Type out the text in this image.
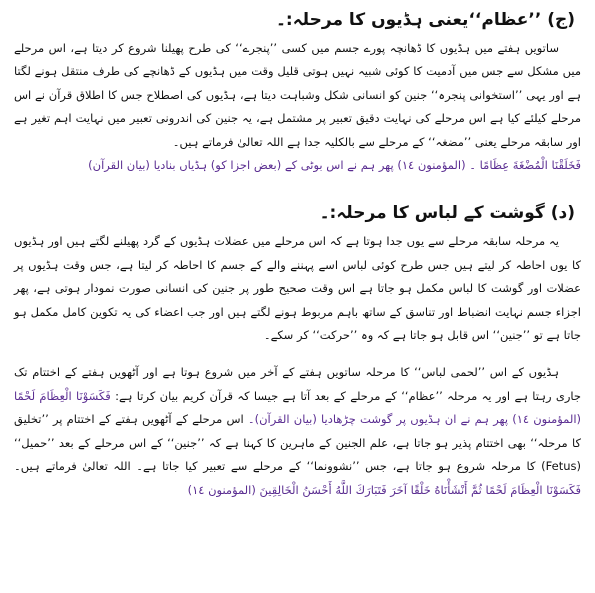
(ج) ’’عظام‘‘یعنی ہڈیوں کا مرحلہ:۔

ساتویں ہفتے میں ہڈیوں کا ڈھانچہ پورے جسم میں کسی ’’پنجرے‘‘ کی طرح پھیلنا شروع کر دیتا ہے، اس مرحلے میں مشکل سے جس میں آدمیت کا کوئی شبیہ نہیں ہوتی قلیل وقت میں ہڈیوں کے ڈھانچے کی طرف منتقل ہونے لگتا ہے اور یہی ’’استخوانی پنجرہ‘‘ جنین کو انسانی شکل وشباہت دیتا ہے، ہڈیوں کی اصطلاح جس کا اطلاق قرآن نے اس مرحلے کیلئے کیا ہے اس مرحلے کی نہایت دقیق تعبیر پر مشتمل ہے، یہ جنین کی اندرونی تعبیر میں نہایت اہم تغیر ہے اور سابقہ مرحلے یعنی ’’مضغہ‘‘ کے مرحلے سے بالکلیہ جدا ہے اللہ تعالیٰ فرماتے ہیں۔

فَخَلَقْنَا الْمُضْغَةَ عِظَامًا ۔ (المؤمنون ١٤) پھر ہم نے اس بوٹی کے (بعض اجزا کو) ہڈیاں بنادیا (بیان القرآن)

(د) گوشت کے لباس کا مرحلہ:۔

یہ مرحلہ سابقہ مرحلے سے یوں جدا ہوتا ہے کہ اس مرحلے میں عضلات ہڈیوں کے گرد پھیلنے لگتے ہیں اور ہڈیوں کا یوں احاطہ کر لیتے ہیں جس طرح کوئی لباس اسے پہننے والے کے جسم کا احاطہ کر لیتا ہے، جس وقت ہڈیوں پر عضلات اور گوشت کا لباس مکمل ہو جاتا ہے اس وقت صحیح طور پر جنین کی انسانی صورت نمودار ہوتی ہے، پھر اجزاء جسم نہایت انضباط اور تناسق کے ساتھ باہم مربوط ہونے لگتے ہیں اور جب اعضاء کی یہ تکوین کامل مکمل ہو جاتا ہے تو ’’جنین‘‘ اس قابل ہو جاتا ہے کہ وہ ’’حرکت‘‘ کر سکے۔

ہڈیوں کے اس ’’لحمی لباس‘‘ کا مرحلہ ساتویں ہفتے کے آخر میں شروع ہوتا ہے اور آٹھویں ہفتے کے اختتام تک جاری رہتا ہے اور یہ مرحلہ ’’عظام‘‘ کے مرحلے کے بعد آتا ہے جیسا کہ قرآن کریم بیان کرتا ہے: فَكَسَوْنَا الْعِظَامَ لَحْمًا (المؤمنون ١٤) پھر ہم نے ان ہڈیوں پر گوشت چڑھادیا (بیان القرآن)۔ اس مرحلے کے آٹھویں ہفتے کے اختتام پر ’’تخلیق کا مرحلہ‘‘ بھی اختتام پذیر ہو جاتا ہے، علم الجنین کے ماہرین کا کہنا ہے کہ ’’جنین‘‘ کے اس مرحلے کے بعد ’’حمیل‘‘ (Fetus) کا مرحلہ شروع ہو جاتا ہے، جس ’’نشوونما‘‘ کے مرحلے سے تعبیر کیا جاتا ہے۔ اللہ تعالیٰ فرماتے ہیں۔ فَكَسَوْنَا الْعِظَامَ لَحْمًا ثُمَّ أَنْشَأْنَاهُ خَلْقًا آخَرَ فَتَبَارَكَ اللَّهُ أَحْسَنُ الْخَالِقِينَ (المؤمنون ١٤)
